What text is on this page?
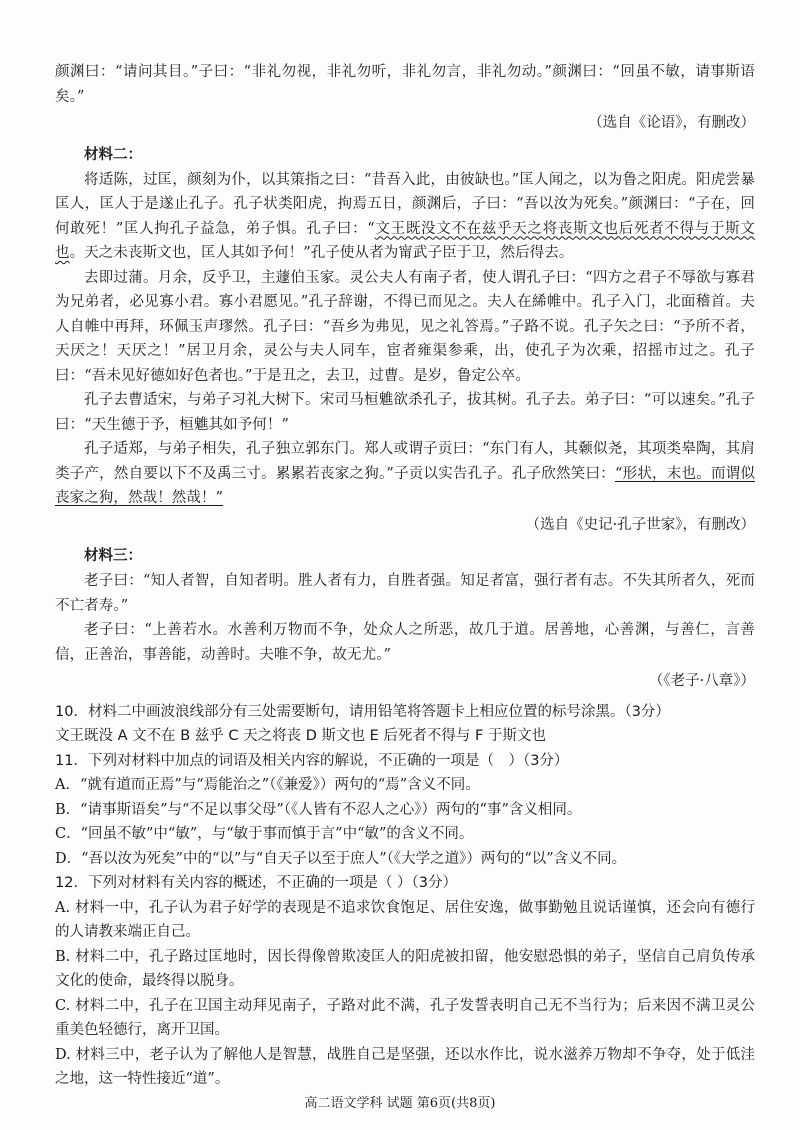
颜渊曰：“请问其目。”子曰：“非礼勿视，非礼勿听，非礼勿言，非礼勿动。”颜渊曰：“回虽不敏，请事斯语矣。”

（选自《论语》，有删改）

材料二：

将适陈，过匡，颜刻为仆，以其策指之曰：“昔吾入此，由彼缺也。”匡人闻之，以为鲁之阳虎。阳虎尝暴匡人，匡人于是遂止孔子。孔子状类阳虎，拘焉五日，颜渊后，子曰：“吾以汝为死矣。”颜渊曰：“子在，回何敢死！”匡人拘孔子益急，弟子惧。孔子曰：“文王既没文不在兹乎天之将丧斯文也后死者不得与于斯文也。天之未丧斯文也，匡人其如予何！”孔子使从者为甯武子臣于卫，然后得去。

去即过蒲。月余，反乎卫，主蘧伯玉家。灵公夫人有南子者，使人谓孔子曰：“四方之君子不辱欲与寡君为兄弟者，必见寡小君。寡小君愿见。”孔子辞谢，不得已而见之。夫人在絺帷中。孔子入门，北面稽首。夫人自帷中再拜，环佩玉声璆然。孔子曰：“吾乡为弗见，见之礼答焉。”子路不说。孔子矢之曰：“予所不者，天厌之！天厌之！”居卫月余，灵公与夫人同车，宦者雍渠参乘，出，使孔子为次乘，招摇市过之。孔子曰：“吾未见好德如好色者也。”于是丑之，去卫，过曹。是岁，鲁定公卒。

孔子去曹适宋，与弟子习礼大树下。宋司马桓魋欲杀孔子，拔其树。孔子去。弟子曰：“可以速矣。”孔子曰：“天生德于予，桓魋其如予何！”

孔子适郑，与弟子相失，孔子独立郭东门。郑人或谓子贡曰：“东门有人，其颡似尧，其项类皋陶，其肩类子产，然自要以下不及禹三寸。累累若丧家之狗。”子贡以实告孔子。孔子欣然笑曰：“形状，末也。而谓似丧家之狗，然哉！然哉！”

（选自《史记·孔子世家》，有删改）

材料三：

老子曰：“知人者智，自知者明。胜人者有力，自胜者强。知足者富，强行者有志。不失其所者久，死而不亡者寿。”

老子曰：“上善若水。水善利万物而不争，处众人之所恶，故几于道。居善地，心善渊，与善仁，言善信，正善治，事善能，动善时。夫唯不争，故无尤。”

（《老子·八章》）

10．材料二中画波浪线部分有三处需要断句，请用铅笔将答题卡上相应位置的标号涂黑。（3分）

文王既没 A 文不在 B 兹乎 C 天之将丧 D 斯文也 E 后死者不得与 F 于斯文也

11．下列对材料中加点的词语及相关内容的解说，不正确的一项是（　）（3分）

A．“就有道而正焉”与“焉能治之”（《兼爱》）两句的“焉”含义不同。

B．“请事斯语矣”与“不足以事父母”（《人皆有不忍人之心》）两句的“事”含义相同。

C．“回虽不敏”中“敏”，与“敏于事而慎于言”中“敏”的含义不同。

D．“吾以汝为死矣”中的“以”与“自天子以至于庶人”（《大学之道》）两句的“以”含义不同。

12．下列对材料有关内容的概述，不正确的一项是（ ）（3分）

A. 材料一中，孔子认为君子好学的表现是不追求饮食饱足、居住安逸，做事勤勉且说话谨慎，还会向有德行的人请教来端正自己。

B. 材料二中，孔子路过匡地时，因长得像曾欺凌匡人的阳虎被扣留，他安慰恐惧的弟子，坚信自己肩负传承文化的使命，最终得以脱身。

C. 材料二中，孔子在卫国主动拜见南子，子路对此不满，孔子发誓表明自己无不当行为；后来因不满卫灵公重美色轻德行，离开卫国。

D. 材料三中，老子认为了解他人是智慧，战胜自己是坚强，还以水作比，说水滋养万物却不争夺，处于低洼之地，这一特性接近“道”。

高二语文学科 试题 第6页(共8页)
